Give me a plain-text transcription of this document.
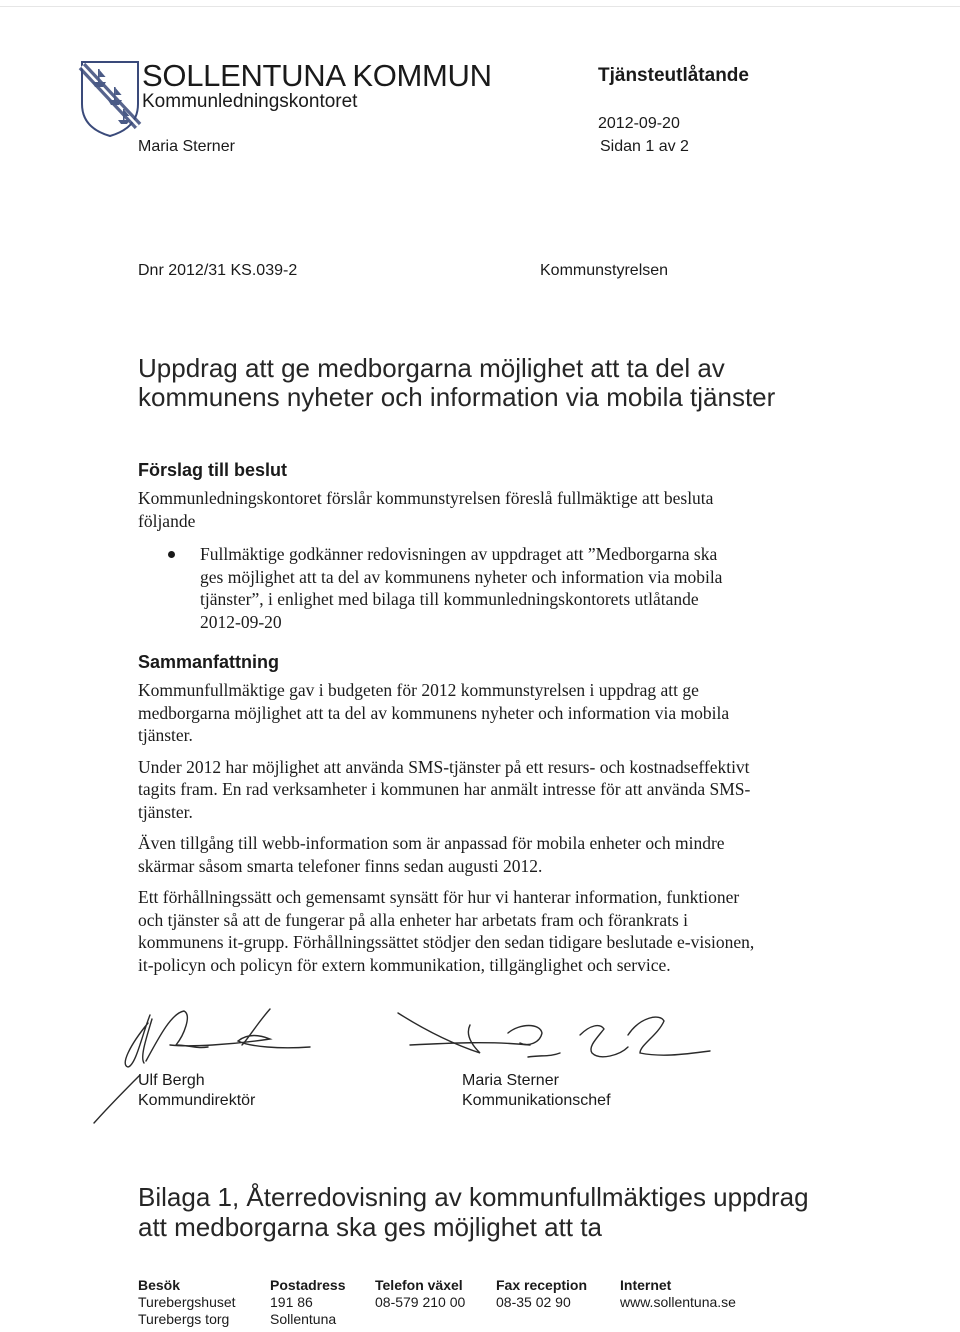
SOLLENTUNA KOMMUN
Kommunledningskontoret
Tjänsteutlåtande
2012-09-20
Sidan 1 av 2
Maria Sterner
Dnr 2012/31 KS.039-2	Kommunstyrelsen
Uppdrag att ge medborgarna möjlighet att ta del av kommunens nyheter och information via mobila tjänster
Förslag till beslut

Kommunledningskontoret förslår kommunstyrelsen föreslå fullmäktige att besluta följande

Fullmäktige godkänner redovisningen av uppdraget att ”Medborgarna ska ges möjlighet att ta del av kommunens nyheter och information via mobila tjänster”, i enlighet med bilaga till kommunledningskontorets utlåtande 2012-09-20
Sammanfattning

Kommunfullmäktige gav i budgeten för 2012 kommunstyrelsen i uppdrag att ge medborgarna möjlighet att ta del av kommunens nyheter och information via mobila tjänster.

Under 2012 har möjlighet att använda SMS-tjänster på ett resurs- och kostnadseffektivt tagits fram. En rad verksamheter i kommunen har anmält intresse för att använda SMS-tjänster.

Även tillgång till webb-information som är anpassad för mobila enheter och mindre skärmar såsom smarta telefoner finns sedan augusti 2012.

Ett förhållningssätt och gemensamt synsätt för hur vi hanterar information, funktioner och tjänster så att de fungerar på alla enheter har arbetats fram och förankrats i kommunens it-grupp. Förhållningssättet stödjer den sedan tidigare beslutade e-visionen, it-policyn och policyn för extern kommunikation, tillgänglighet och service.

Ulf Bergh
Kommundirektör
Maria Sterner
Kommunikationschef
Bilaga 1, Återredovisning av kommunfullmäktiges uppdrag att medborgarna ska ges möjlighet att ta
Besök
Turebergshuset
Turebergs torg
Postadress
191 86
Sollentuna
Telefon växel
08-579 210 00
Fax reception
08-35 02 90
Internet
www.sollentuna.se
